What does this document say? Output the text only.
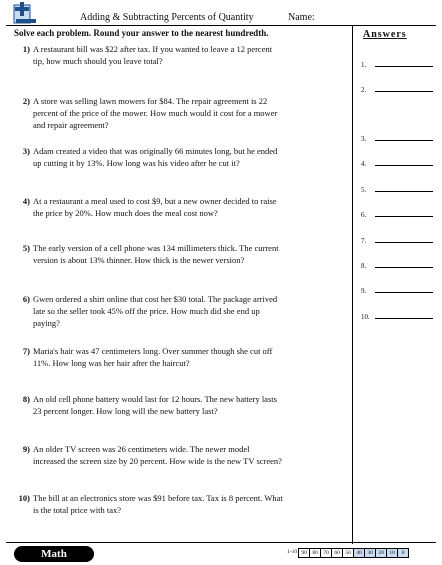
Adding & Subtracting Percents of Quantity	Name:
Solve each problem. Round your answer to the nearest hundredth.	Answers
1.
2.
3.
4.
5.
6.
7.
8.
9.
10.
1) A restaurant bill was $22 after tax. If you wanted to leave a 12 percent tip, how much should you leave total?
2) A store was selling lawn mowers for $84. The repair agreement is 22 percent of the price of the mower. How much would it cost for a mower and repair agreement?
3) Adam created a video that was originally 66 minutes long, but he ended up cutting it by 13%. How long was his video after he cut it?
4) At a restaurant a meal used to cost $9, but a new owner decided to raise the price by 20%. How much does the meal cost now?
5) The early version of a cell phone was 134 millimeters thick. The current version is about 13% thinner. How thick is the newer version?
6) Gwen ordered a shirt online that cost her $30 total. The package arrived late so the seller took 45% off the price. How much did she end up paying?
7) Maria's hair was 47 centimeters long. Over summer though she cut off 11%. How long was her hair after the haircut?
8) An old cell phone battery would last for 12 hours. The new battery lasts 23 percent longer. How long will the new battery last?
9) An older TV screen was 26 centimeters wide. The newer model increased the screen size by 20 percent. How wide is the new TV screen?
10) The bill at an electronics store was $91 before tax. Tax is 8 percent. What is the total price with tax?
Math	1-10 90	80	70	60	50	40	30	20	10	0
